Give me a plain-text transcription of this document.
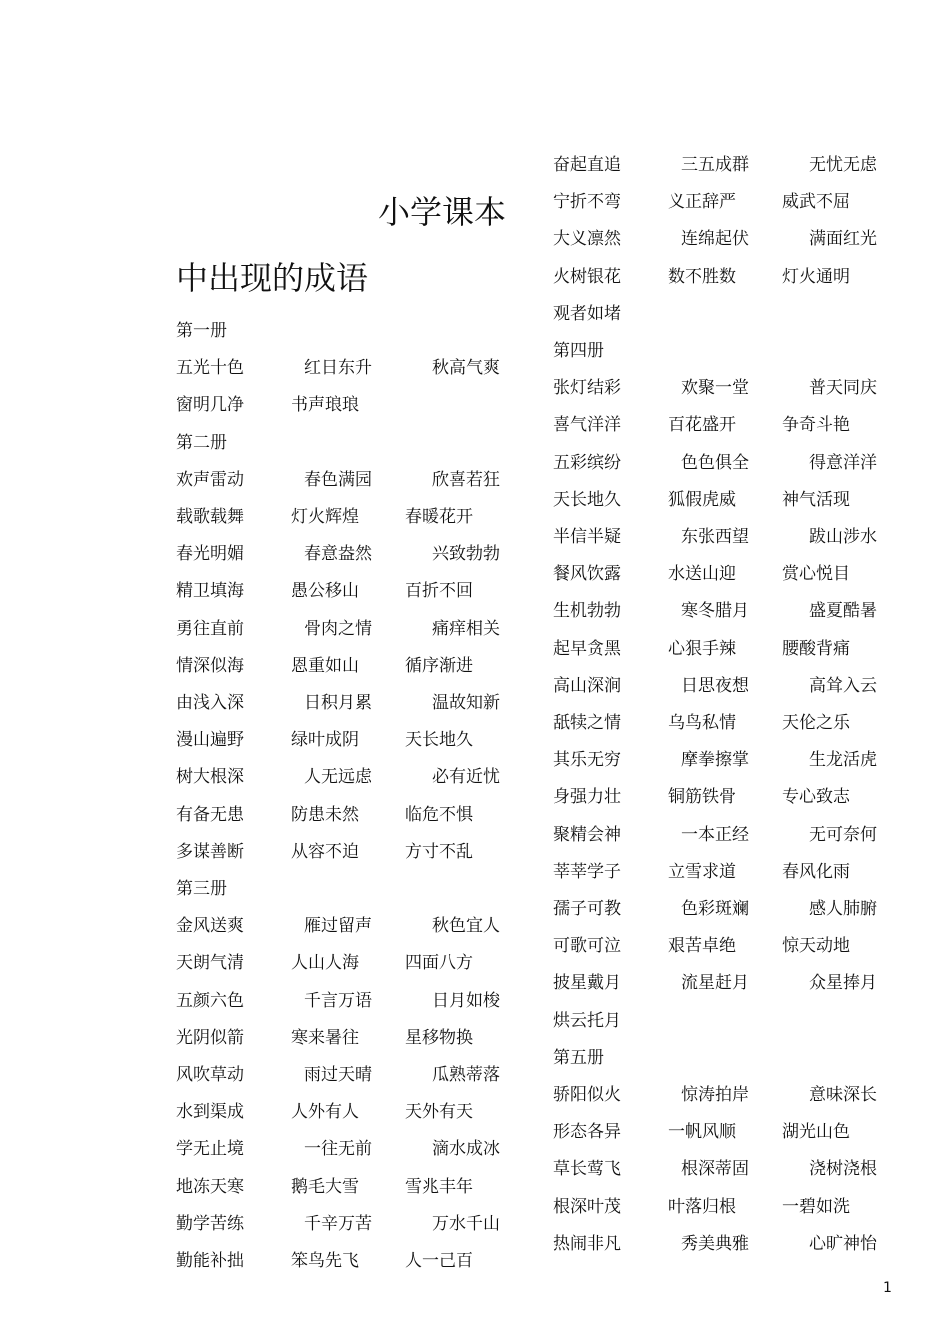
小学课本
中出现的成语
第一册
五光十色	红日东升	秋高气爽
窗明几净	书声琅琅
第二册
欢声雷动	春色满园	欣喜若狂
载歌载舞	灯火辉煌	春暖花开
春光明媚	春意盎然	兴致勃勃
精卫填海	愚公移山	百折不回
勇往直前	骨肉之情	痛痒相关
情深似海	恩重如山	循序渐进
由浅入深	日积月累	温故知新
漫山遍野	绿叶成阴	天长地久
树大根深	人无远虑	必有近忧
有备无患	防患未然	临危不惧
多谋善断	从容不迫	方寸不乱
第三册
金风送爽	雁过留声	秋色宜人
天朗气清	人山人海	四面八方
五颜六色	千言万语	日月如梭
光阴似箭	寒来暑往	星移物换
风吹草动	雨过天晴	瓜熟蒂落
水到渠成	人外有人	天外有天
学无止境	一往无前	滴水成冰
地冻天寒	鹅毛大雪	雪兆丰年
勤学苦练	千辛万苦	万水千山
勤能补拙	笨鸟先飞	人一己百
奋起直追	三五成群	无忧无虑
宁折不弯	义正辞严	威武不屈
大义凛然	连绵起伏	满面红光
火树银花	数不胜数	灯火通明
观者如堵
第四册
张灯结彩	欢聚一堂	普天同庆
喜气洋洋	百花盛开	争奇斗艳
五彩缤纷	色色俱全	得意洋洋
天长地久	狐假虎威	神气活现
半信半疑	东张西望	跋山涉水
餐风饮露	水送山迎	赏心悦目
生机勃勃	寒冬腊月	盛夏酷暑
起早贪黑	心狠手辣	腰酸背痛
高山深涧	日思夜想	高耸入云
舐犊之情	乌鸟私情	天伦之乐
其乐无穷	摩拳擦掌	生龙活虎
身强力壮	铜筋铁骨	专心致志
聚精会神	一本正经	无可奈何
莘莘学子	立雪求道	春风化雨
孺子可教	色彩斑斓	感人肺腑
可歌可泣	艰苦卓绝	惊天动地
披星戴月	流星赶月	众星捧月
烘云托月
第五册
骄阳似火	惊涛拍岸	意味深长
形态各异	一帆风顺	湖光山色
草长莺飞	根深蒂固	浇树浇根
根深叶茂	叶落归根	一碧如洗
热闹非凡	秀美典雅	心旷神怡
1
